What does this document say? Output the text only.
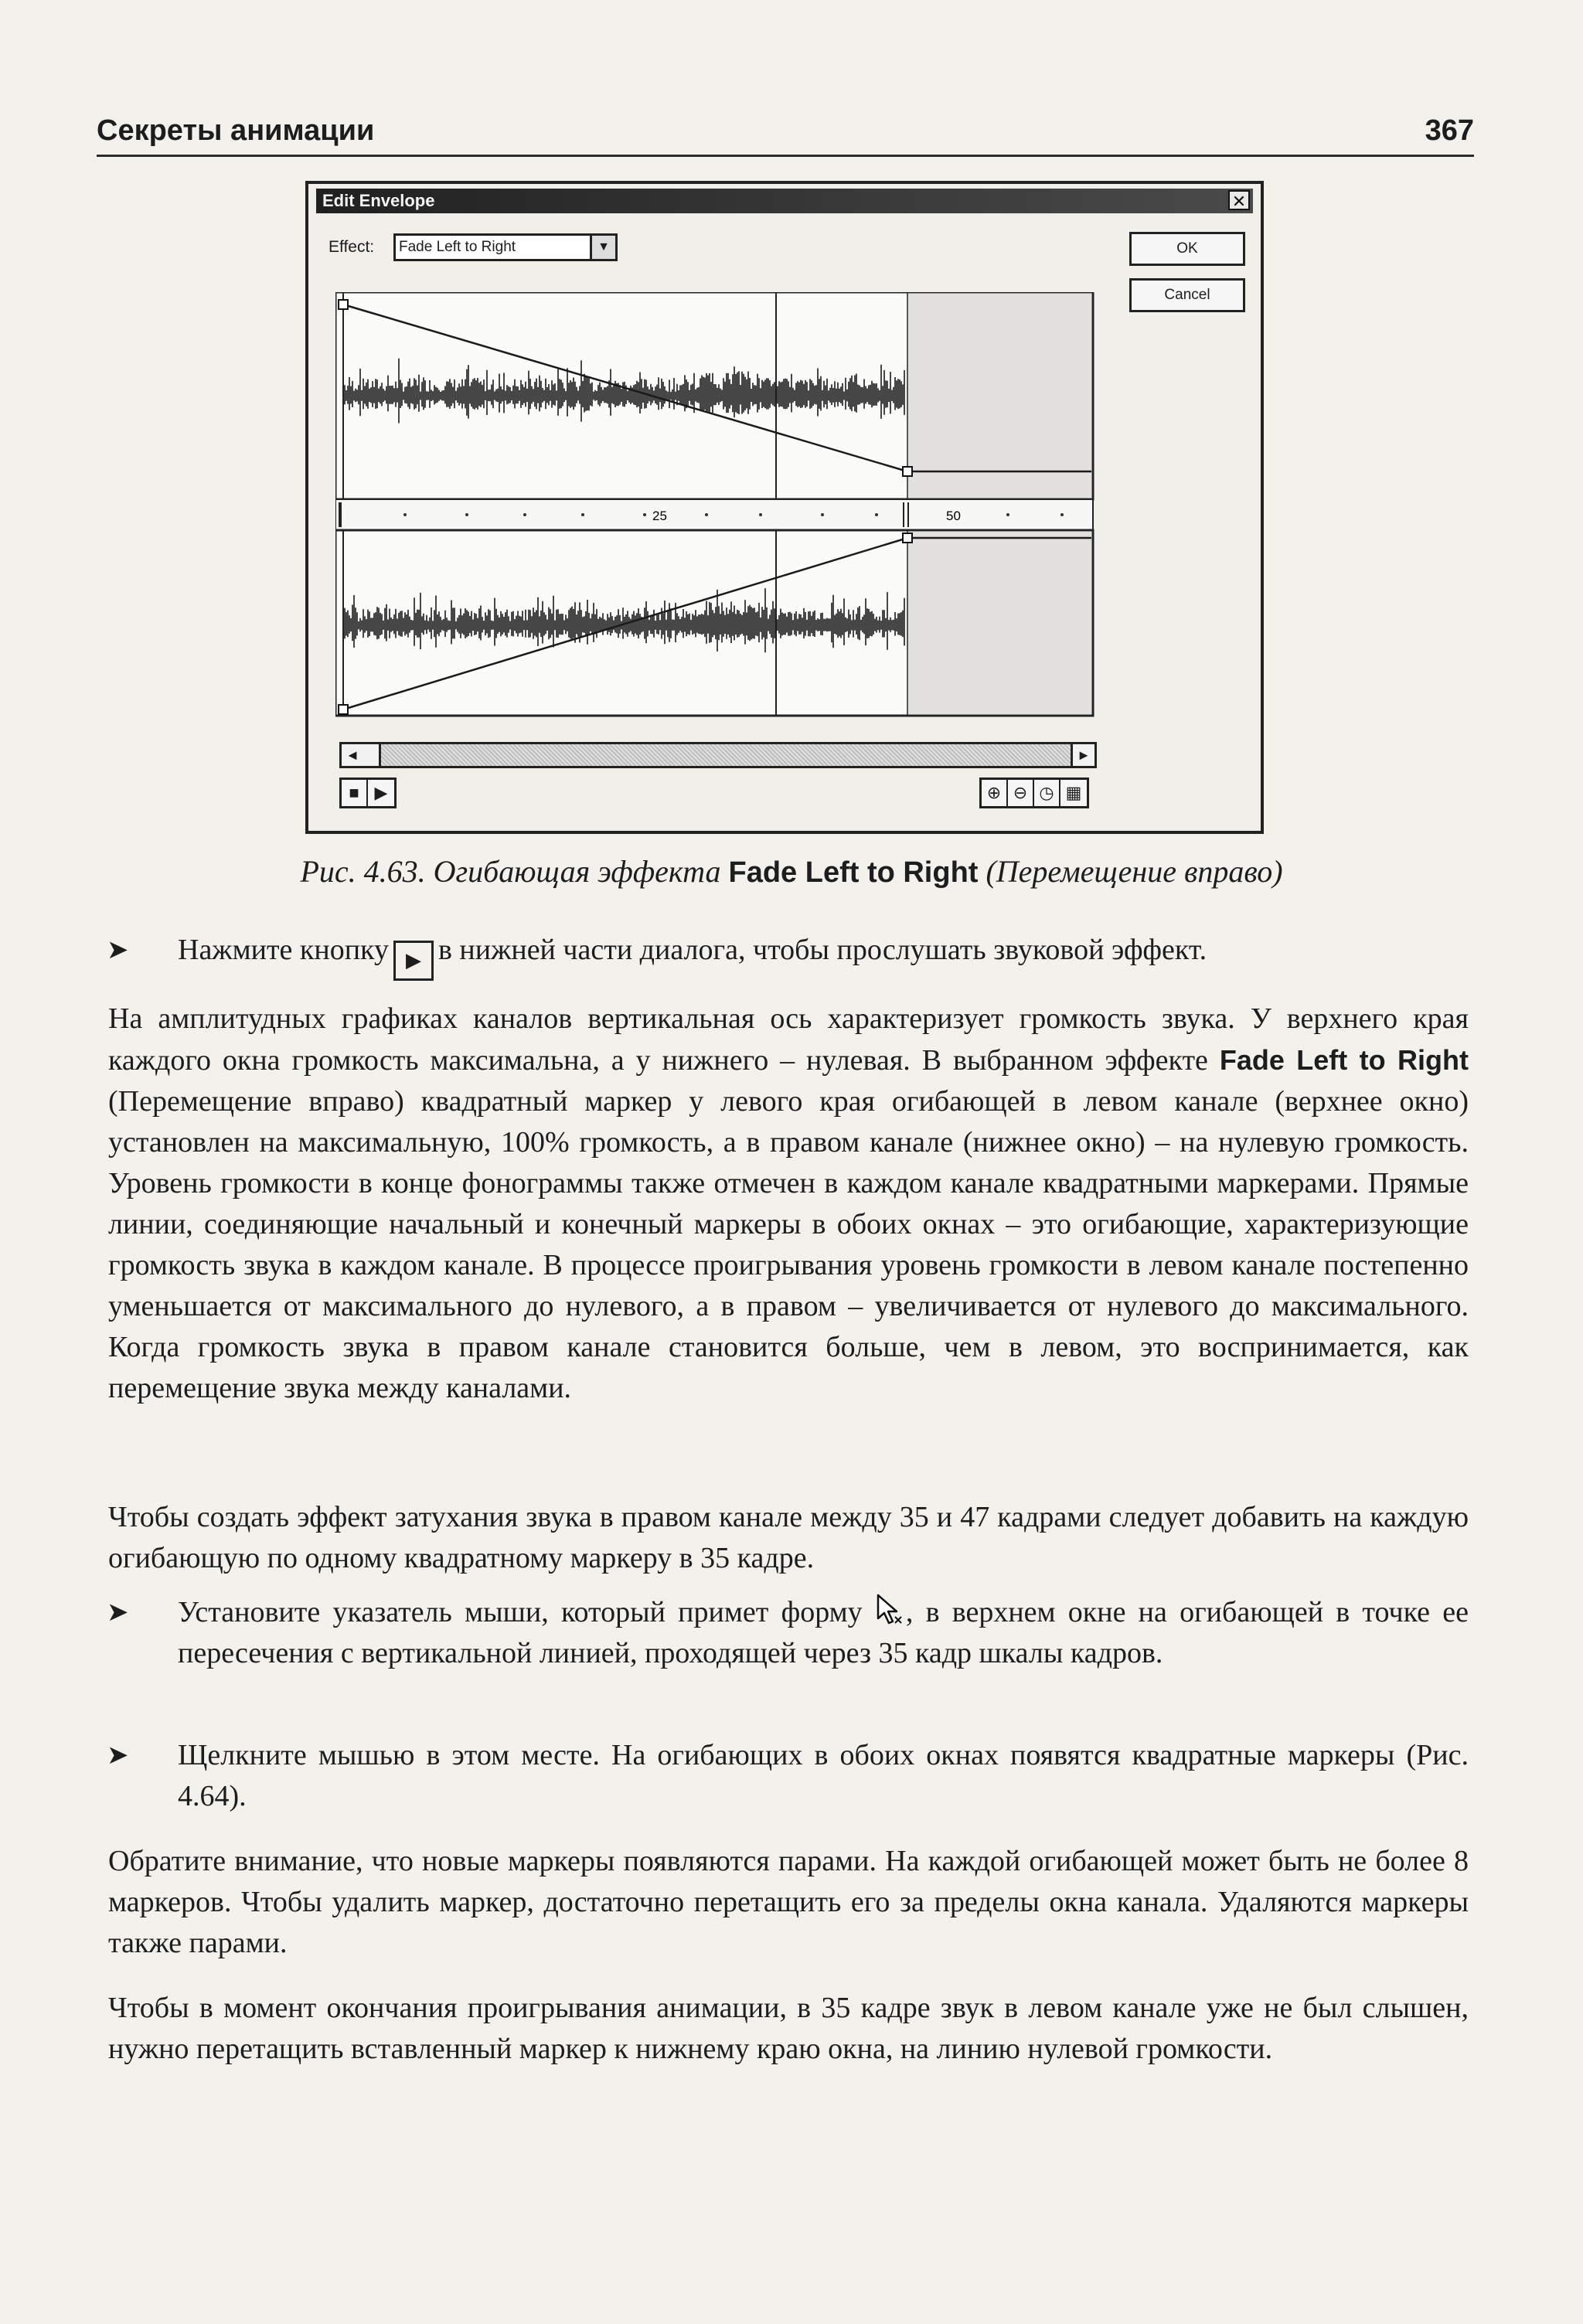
Секреты анимации	367
Edit Envelope	✕
Effect:	Fade Left to Right	▼	OK
Cancel
25	50
◄	►
■ ▶	⊕ ⊖ ◷ ▦
Рис. 4.63. Огибающая эффекта Fade Left to Right (Перемещение вправо)
➤ Нажмите кнопку ▶ в нижней части диалога, чтобы прослушать звуковой эффект.
На амплитудных графиках каналов вертикальная ось характеризует громкость звука. У верхнего края каждого окна громкость максимальна, а у нижнего – нулевая. В выбранном эффекте Fade Left to Right (Перемещение вправо) квадратный маркер у левого края огибающей в левом канале (верхнее окно) установлен на максимальную, 100% громкость, а в правом канале (нижнее окно) – на нулевую громкость. Уровень громкости в конце фонограммы также отмечен в каждом канале квадратными маркерами. Прямые линии, соединяющие начальный и конечный маркеры в обоих окнах – это огибающие, характеризующие громкость звука в каждом канале. В процессе проигрывания уровень громкости в левом канале постепенно уменьшается от максимального до нулевого, а в правом – увеличивается от нулевого до максимального. Когда громкость звука в правом канале становится больше, чем в левом, это воспринимается, как перемещение звука между каналами.
Чтобы создать эффект затухания звука в правом канале между 35 и 47 кадрами следует добавить на каждую огибающую по одному квадратному маркеру в 35 кадре.
➤ Установите указатель мыши, который примет форму , в верхнем окне на огибающей в точке ее пересечения с вертикальной линией, проходящей через 35 кадр шкалы кадров.
➤ Щелкните мышью в этом месте. На огибающих в обоих окнах появятся квадратные маркеры (Рис. 4.64).
Обратите внимание, что новые маркеры появляются парами. На каждой огибающей может быть не более 8 маркеров. Чтобы удалить маркер, достаточно перетащить его за пределы окна канала. Удаляются маркеры также парами.
Чтобы в момент окончания проигрывания анимации, в 35 кадре звук в левом канале уже не был слышен, нужно перетащить вставленный маркер к нижнему краю окна, на линию нулевой громкости.
